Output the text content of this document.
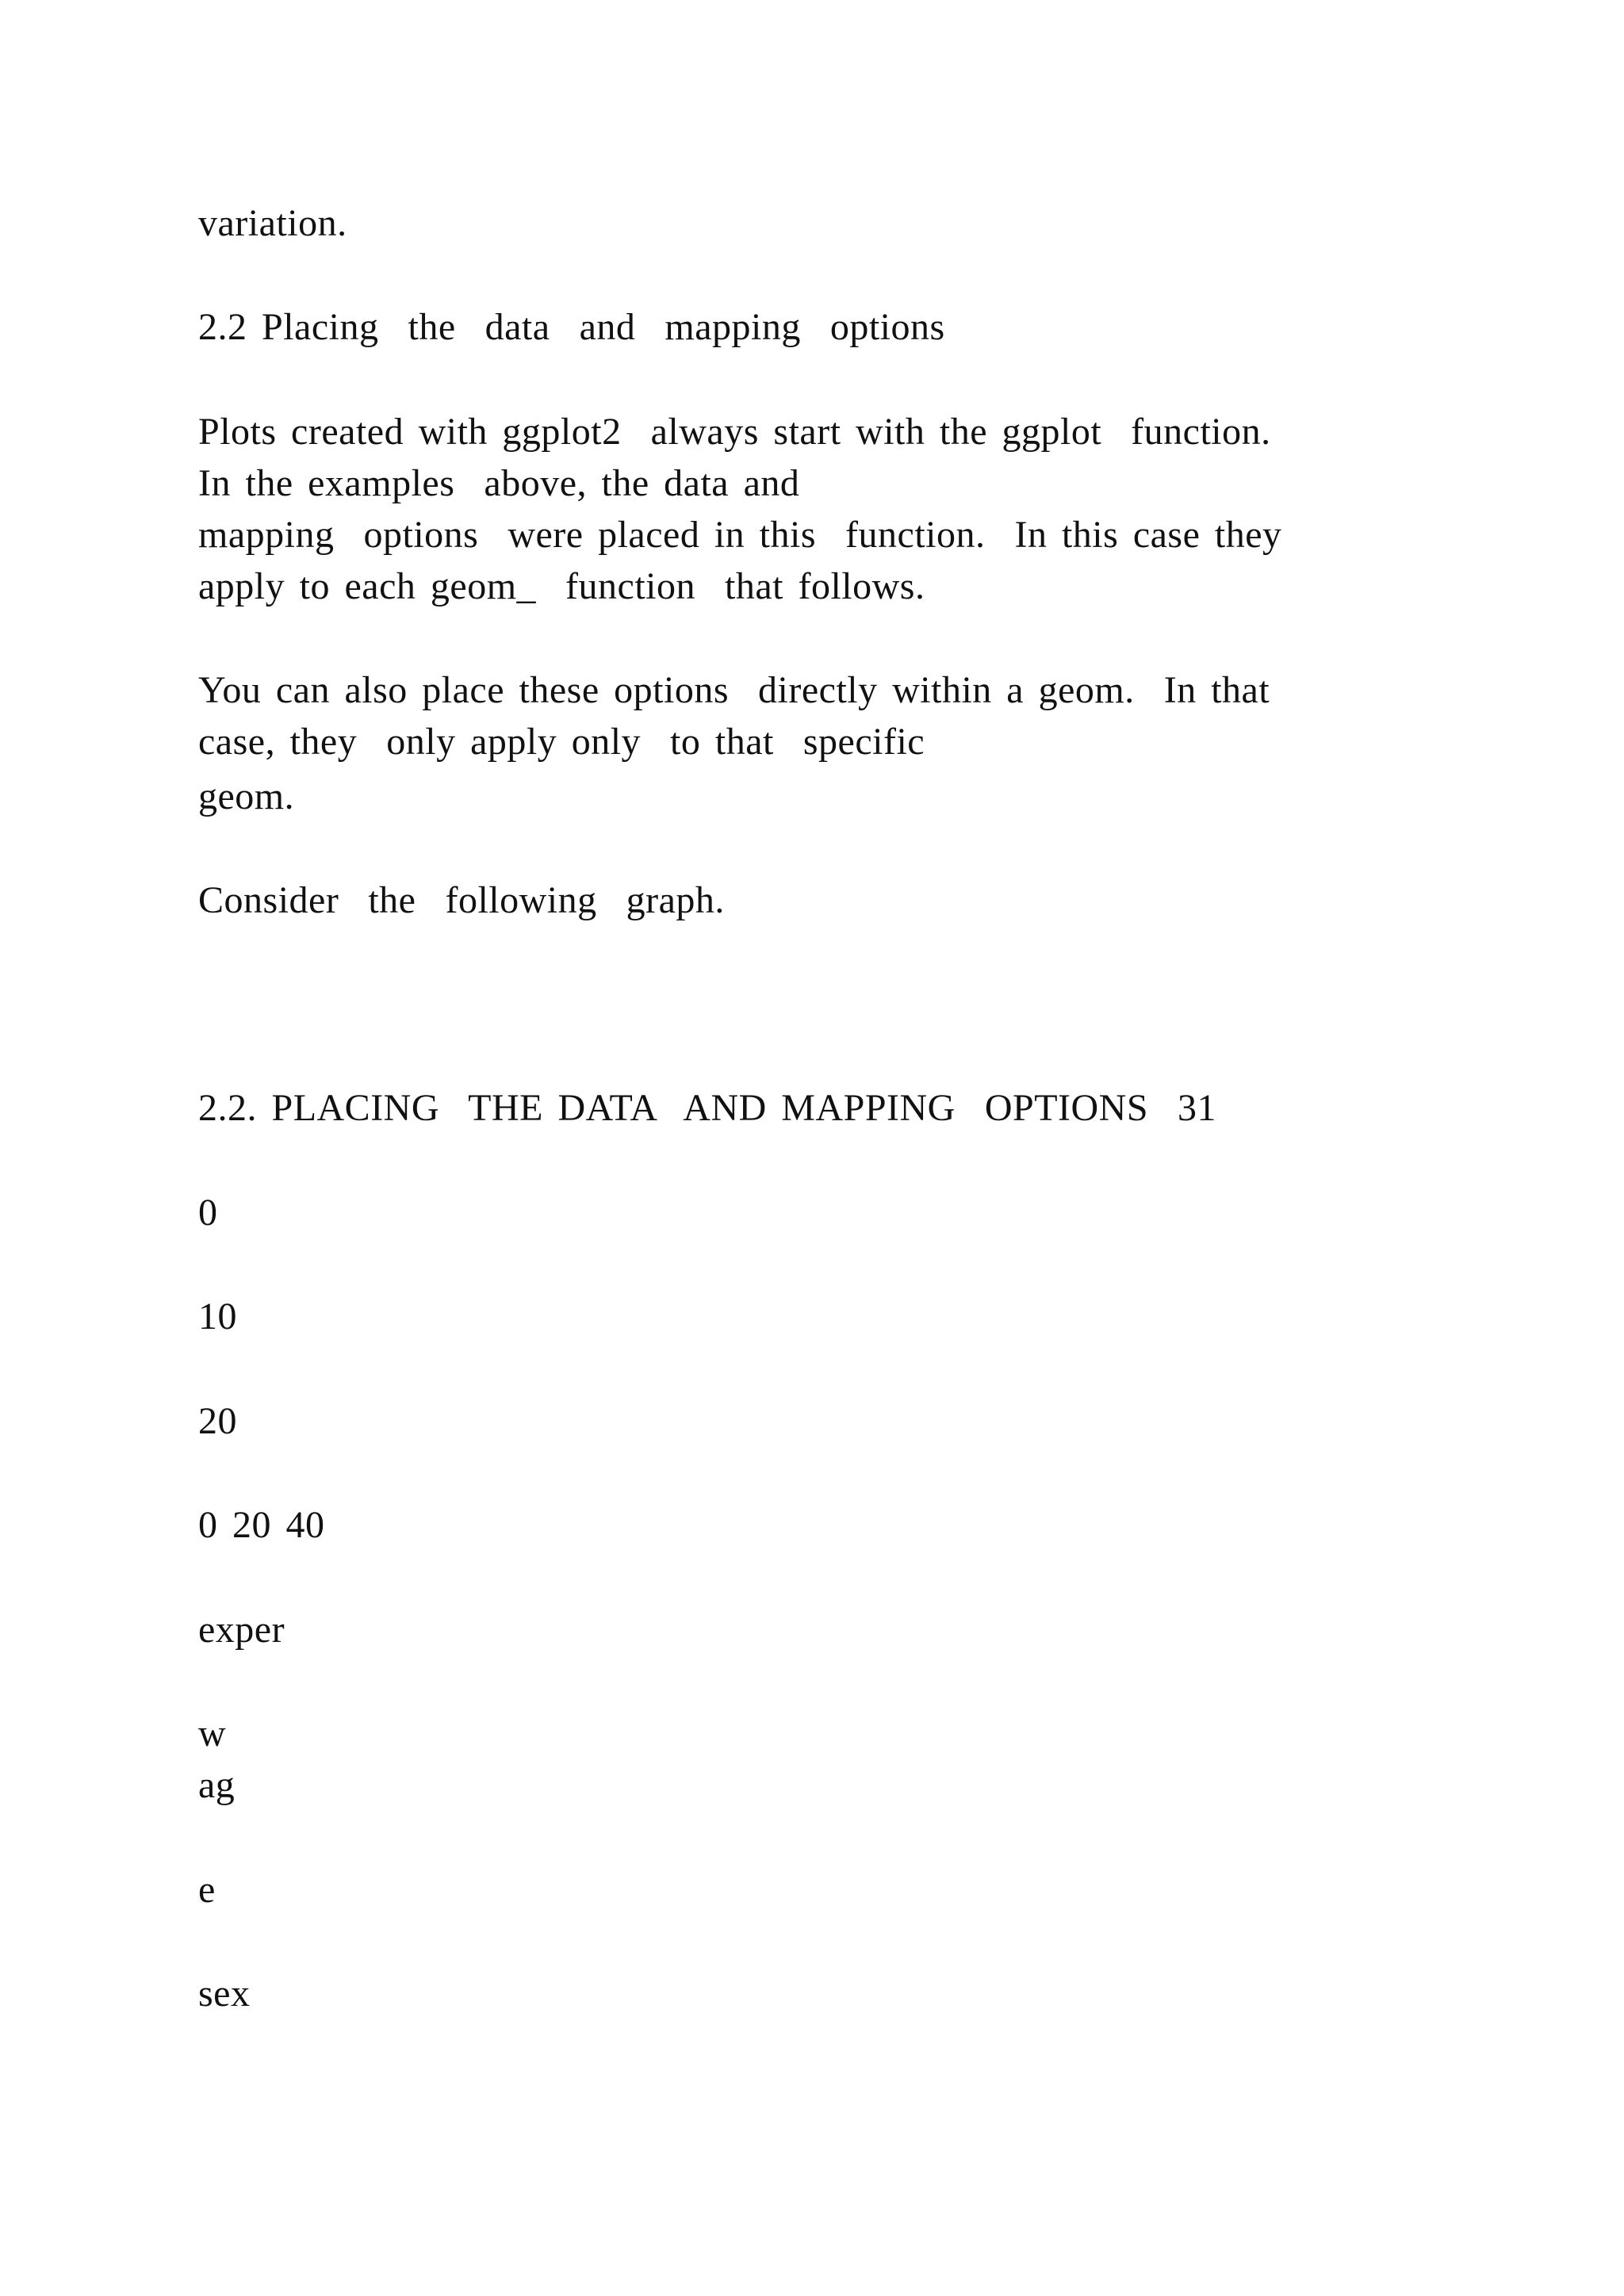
variation.
2.2 Placing  the  data  and  mapping  options
Plots created with ggplot2  always start with the ggplot  function.
In the examples  above, the data and
mapping  options  were placed in this  function.  In this case they
apply to each geom_  function  that follows.
You can also place these options  directly within a geom.  In that
case, they  only apply only  to that  specific
geom.
Consider  the  following  graph.
2.2. PLACING  THE DATA  AND MAPPING  OPTIONS  31
0
10
20
0 20 40
exper
w
ag
e
sex
